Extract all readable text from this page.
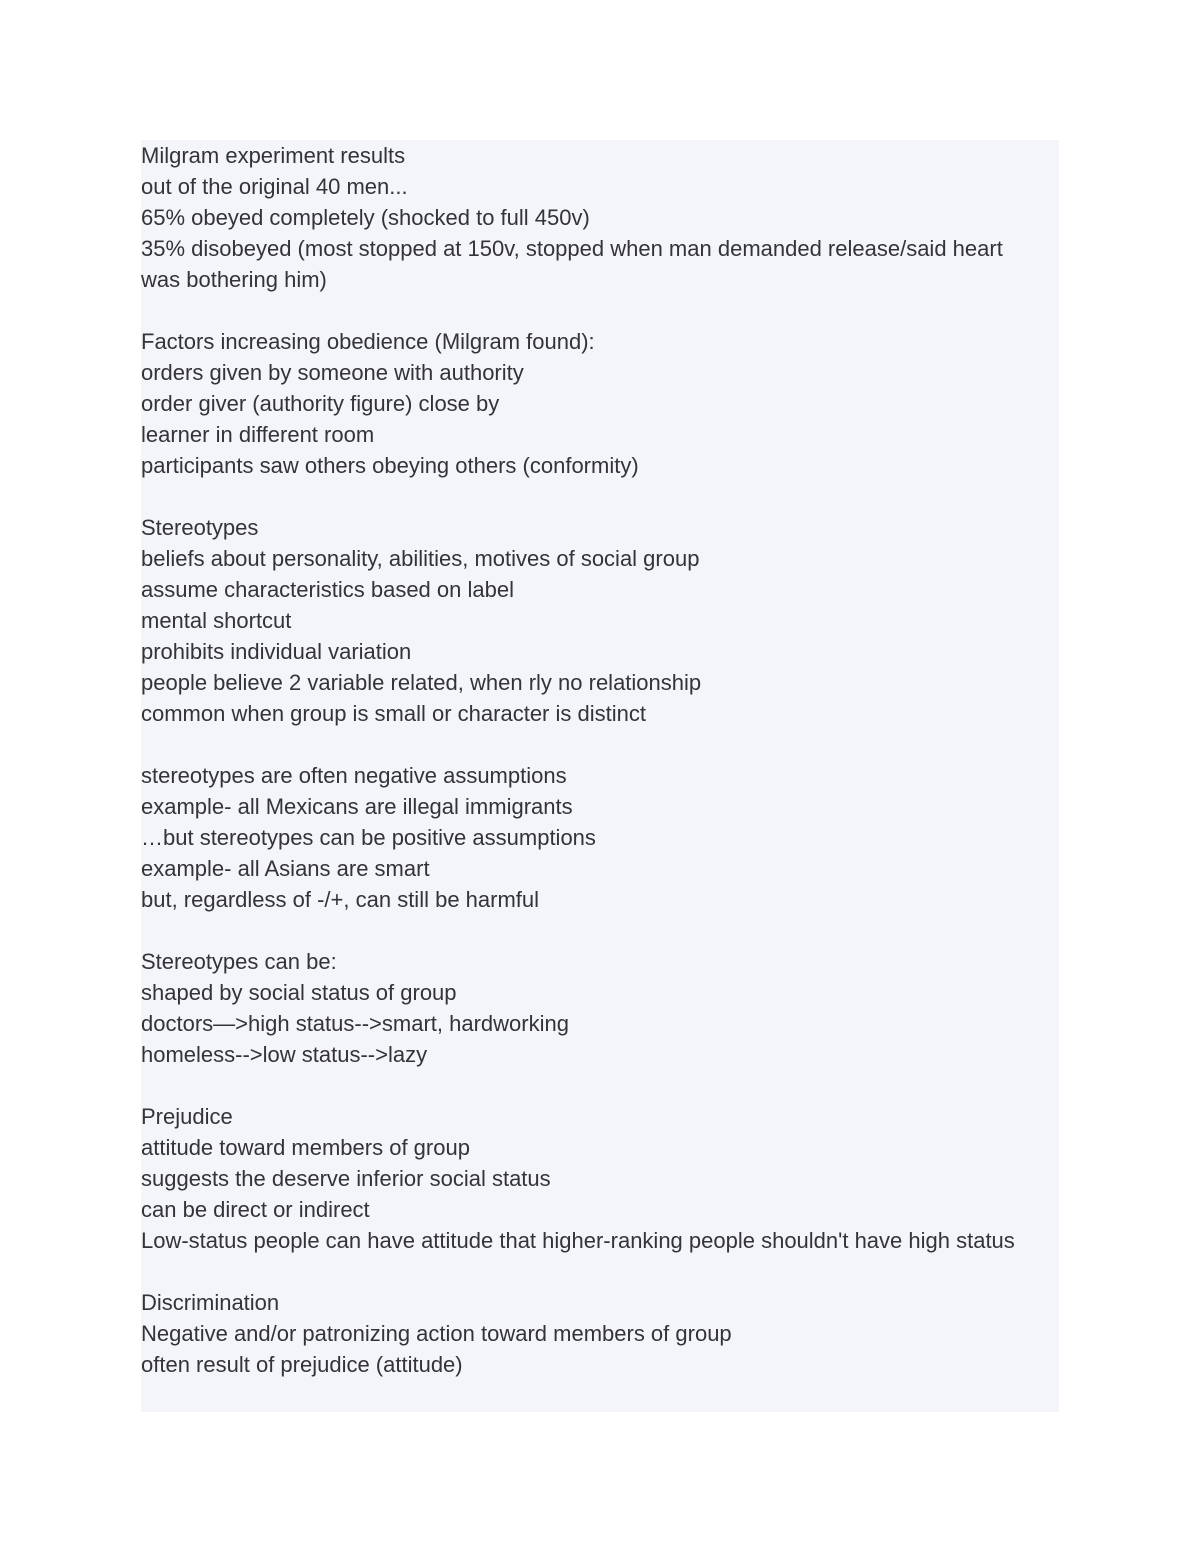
Milgram experiment results
out of the original 40 men...
65% obeyed completely (shocked to full 450v)
35% disobeyed (most stopped at 150v, stopped when man demanded release/said heart was bothering him)
Factors increasing obedience (Milgram found):
orders given by someone with authority
order giver (authority figure) close by
learner in different room
participants saw others obeying others (conformity)
Stereotypes
beliefs about personality, abilities, motives of social group
assume characteristics based on label
mental shortcut
prohibits individual variation
people believe 2 variable related, when rly no relationship
common when group is small or character is distinct
stereotypes are often negative assumptions
example- all Mexicans are illegal immigrants
…but stereotypes can be positive assumptions
example- all Asians are smart
but, regardless of -/+, can still be harmful
Stereotypes can be:
shaped by social status of group
doctors—>high status-->smart, hardworking
homeless-->low status-->lazy
Prejudice
attitude toward members of group
suggests the deserve inferior social status
can be direct or indirect
Low-status people can have attitude that higher-ranking people shouldn't have high status
Discrimination
Negative and/or patronizing action toward members of group
often result of prejudice (attitude)
